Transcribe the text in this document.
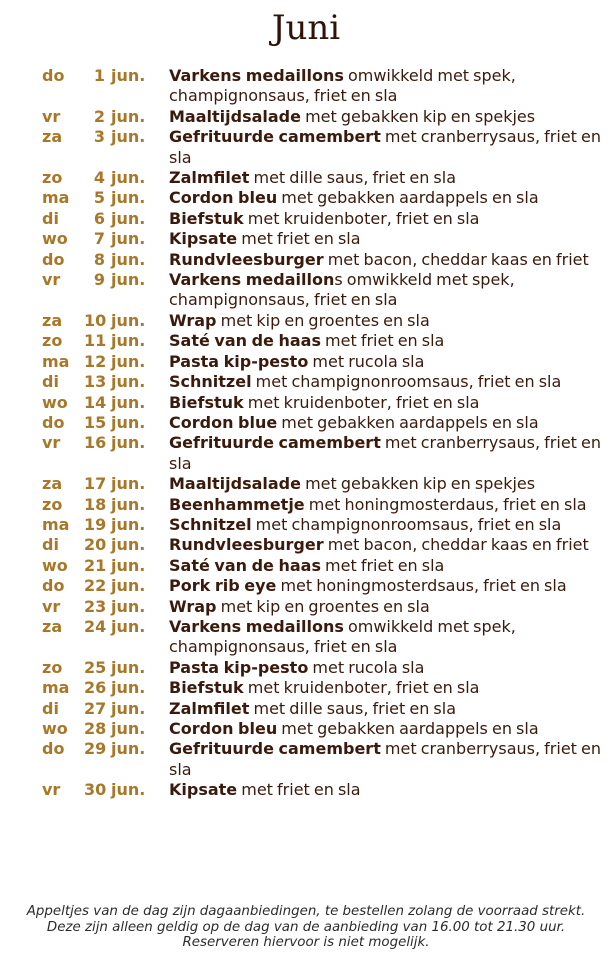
Juni
do	1 jun.	Varkens medaillons omwikkeld met spek, champignonsaus, friet en sla
vr	2 jun.	Maaltijdsalade met gebakken kip en spekjes
za	3 jun.	Gefrituurde camembert met cranberrysaus, friet en sla
zo	4 jun.	Zalmfilet met dille saus, friet en sla
ma	5 jun.	Cordon bleu met gebakken aardappels en sla
di	6 jun.	Biefstuk met kruidenboter, friet en sla
wo	7 jun.	Kipsate met friet en sla
do	8 jun.	Rundvleesburger met bacon, cheddar kaas en friet
vr	9 jun.	Varkens medaillons omwikkeld met spek, champignonsaus, friet en sla
za	10 jun.	Wrap met kip en groentes en sla
zo	11 jun.	Saté van de haas met friet en sla
ma 12 jun.	Pasta kip-pesto met rucola sla
di	13 jun.	Schnitzel met champignonroomsaus, friet en sla
wo	14 jun.	Biefstuk met kruidenboter, friet en sla
do	15 jun.	Cordon blue met gebakken aardappels en sla
vr	16 jun.	Gefrituurde camembert met cranberrysaus, friet en sla
za	17 jun.	Maaltijdsalade met gebakken kip en spekjes
zo	18 jun.	Beenhammetje met honingmosterdaus, friet en sla
ma 19 jun.	Schnitzel met champignonroomsaus, friet en sla
di	20 jun.	Rundvleesburger met bacon, cheddar kaas en friet
wo	21 jun.	Saté van de haas met friet en sla
do	22 jun.	Pork rib eye met honingmosterdsaus, friet en sla
vr	23 jun.	Wrap met kip en groentes en sla
za	24 jun.	Varkens medaillons omwikkeld met spek, champignonsaus, friet en sla
zo	25 jun.	Pasta kip-pesto met rucola sla
ma 26 jun.	Biefstuk met kruidenboter, friet en sla
di	27 jun.	Zalmfilet met dille saus, friet en sla
wo	28 jun.	Cordon bleu met gebakken aardappels en sla
do	29 jun.	Gefrituurde camembert met cranberrysaus, friet en sla
vr	30 jun.	Kipsate met friet en sla

Appeltjes van de dag zijn dagaanbiedingen, te bestellen zolang de voorraad strekt. Deze zijn alleen geldig op de dag van de aanbieding van 16.00 tot 21.30 uur. Reserveren hiervoor is niet mogelijk.
